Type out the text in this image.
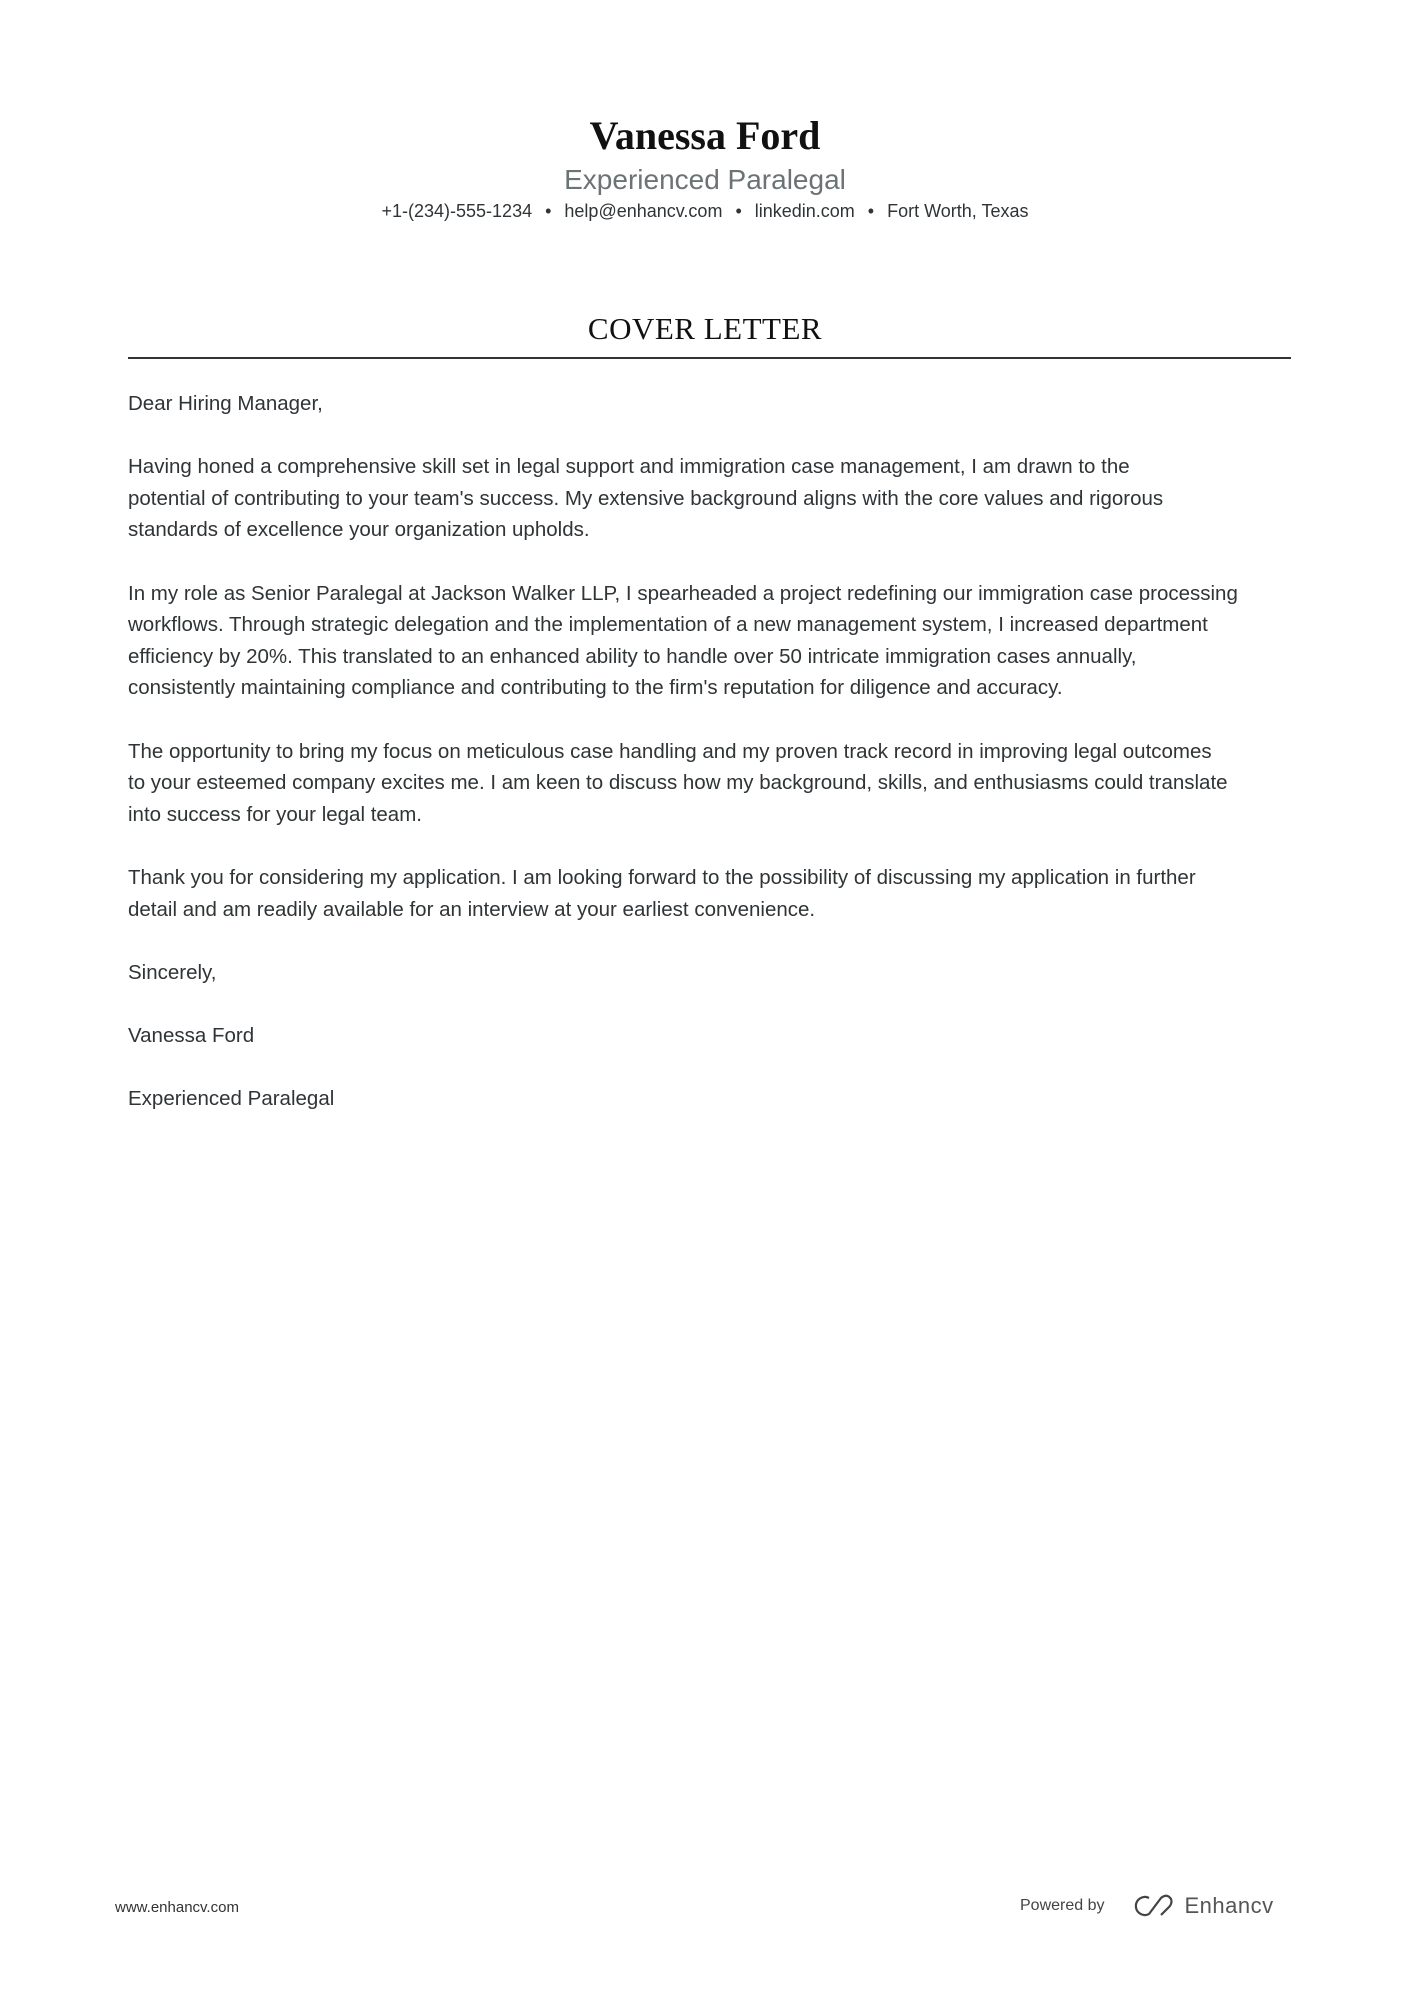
Vanessa Ford
Experienced Paralegal
+1-(234)-555-1234 • help@enhancv.com • linkedin.com • Fort Worth, Texas
COVER LETTER

Dear Hiring Manager,

Having honed a comprehensive skill set in legal support and immigration case management, I am drawn to the
potential of contributing to your team's success. My extensive background aligns with the core values and rigorous
standards of excellence your organization upholds.

In my role as Senior Paralegal at Jackson Walker LLP, I spearheaded a project redefining our immigration case processing
workflows. Through strategic delegation and the implementation of a new management system, I increased department
efficiency by 20%. This translated to an enhanced ability to handle over 50 intricate immigration cases annually,
consistently maintaining compliance and contributing to the firm's reputation for diligence and accuracy.

The opportunity to bring my focus on meticulous case handling and my proven track record in improving legal outcomes
to your esteemed company excites me. I am keen to discuss how my background, skills, and enthusiasms could translate
into success for your legal team.

Thank you for considering my application. I am looking forward to the possibility of discussing my application in further
detail and am readily available for an interview at your earliest convenience.

Sincerely,

Vanessa Ford

Experienced Paralegal

www.enhancv.com	Powered by	Enhancv
